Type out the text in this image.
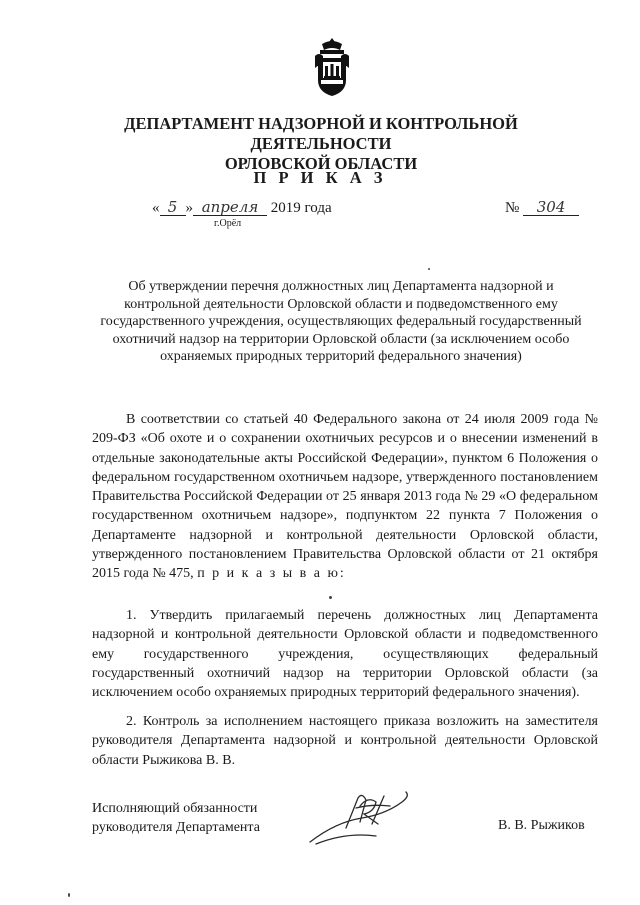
ДЕПАРТАМЕНТ НАДЗОРНОЙ И КОНТРОЛЬНОЙ ДЕЯТЕЛЬНОСТИ
ОРЛОВСКОЙ ОБЛАСТИ
П Р И К А З
« 5 » апреля 2019 года
г.Орёл
№ 304
Об утверждении перечня должностных лиц Департамента надзорной и контрольной деятельности Орловской области и подведомственного ему государственного учреждения, осуществляющих федеральный государственный охотничий надзор на территории Орловской области (за исключением особо охраняемых природных территорий федерального значения)

В соответствии со статьей 40 Федерального закона от 24 июля 2009 года № 209-ФЗ «Об охоте и о сохранении охотничьих ресурсов и о внесении изменений в отдельные законодательные акты Российской Федерации», пунктом 6 Положения о федеральном государственном охотничьем надзоре, утвержденного постановлением Правительства Российской Федерации от 25 января 2013 года № 29 «О федеральном государственном охотничьем надзоре», подпунктом 22 пункта 7 Положения о Департаменте надзорной и контрольной деятельности Орловской области, утвержденного постановлением Правительства Орловской области от 21 октября 2015 года № 475, п р и к а з ы в а ю:

1. Утвердить прилагаемый перечень должностных лиц Департамента надзорной и контрольной деятельности Орловской области и подведомственного ему государственного учреждения, осуществляющих федеральный государственный охотничий надзор на территории Орловской области (за исключением особо охраняемых природных территорий федерального значения).

2. Контроль за исполнением настоящего приказа возложить на заместителя руководителя Департамента надзорной и контрольной деятельности Орловской области Рыжикова В. В.

Исполняющий обязанности
руководителя Департамента	В. В. Рыжиков
